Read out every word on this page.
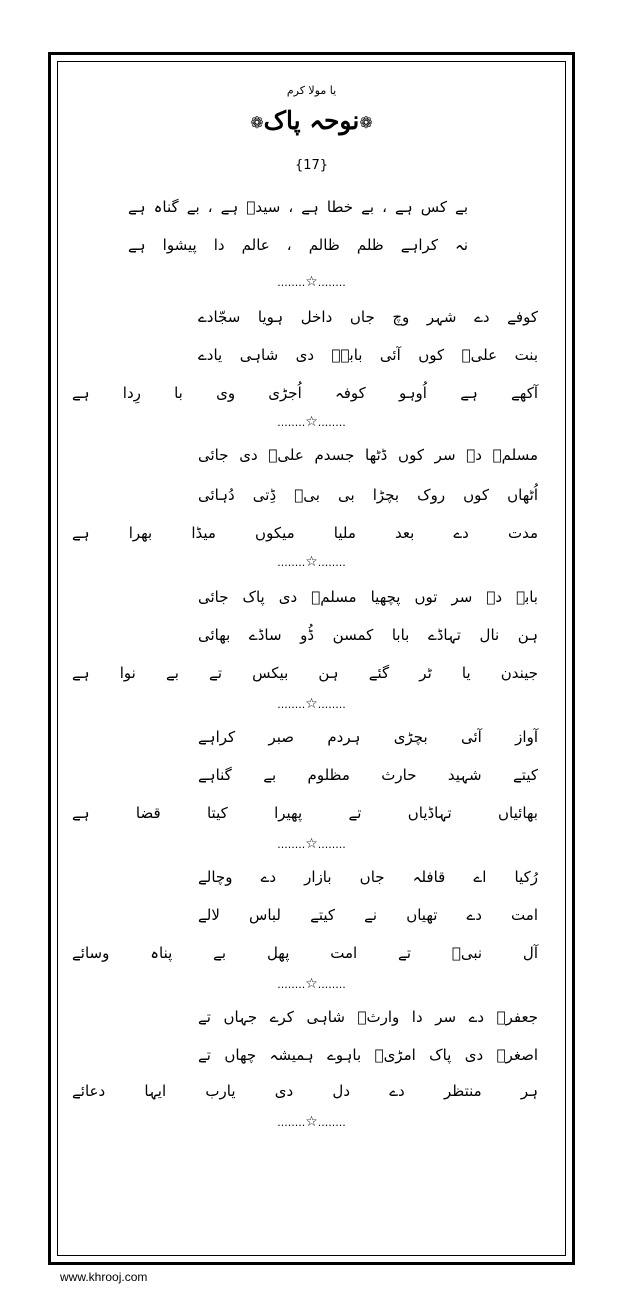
یا مولا کرم
❁نوحہ پاک❁
{17}
بے کس ہے ، بے خطا ہے ، سیدؑ ہے ، بے گناہ ہے
نہ کراہے ظلم ظالم ، عالم دا پیشوا ہے
........☆........
کوفے دے شہر وچ جاں داخل ہویا سجّادے
بنت علیؑ کوں آئی بابےؑ دی شاہی یادے
آکھے ہے اُوہو کوفہ اُجڑی وی با رِدا ہے
........☆........
مسلمؑ دے سر کوں ڈٹھا جسدم علیؑ دی جائی
اُٹھاں کوں روک بچڑا بی بیؑ ڈِتی دُہائی
مدت دے بعد ملیا میکوں میڈا بھرا ہے
........☆........
بابے دے سر توں پچھیا مسلمؑ دی پاک جائی
ہن نال تہاڈے بابا کمسن ڈُو ساڈے بھائی
جیندن یا ٹر گئے ہن بیکس تے بے نوا ہے
........☆........
آواز آئی بچڑی ہردم صبر کراہے
کیتے شہید حارث مظلوم بے گناہے
بھائیاں تہاڈیاں تے پھیرا کیتا قضا ہے
........☆........
رُکیا اے قافلہ جاں بازار دے وچالے
امت دے تھیاں نے کیتے لباس لالے
آل نبیؐ تے امت پھل بے پناہ وسائے
........☆........
جعفرؔ دے سر دا وارثؑ شاہی کرے جہاں تے
اصغرؔ دی پاک امڑیؑ باہوے ہمیشہ چھاں تے
ہر منتظر دے دل دی یارب ایہا دعائے
........☆........
www.khrooj.com
